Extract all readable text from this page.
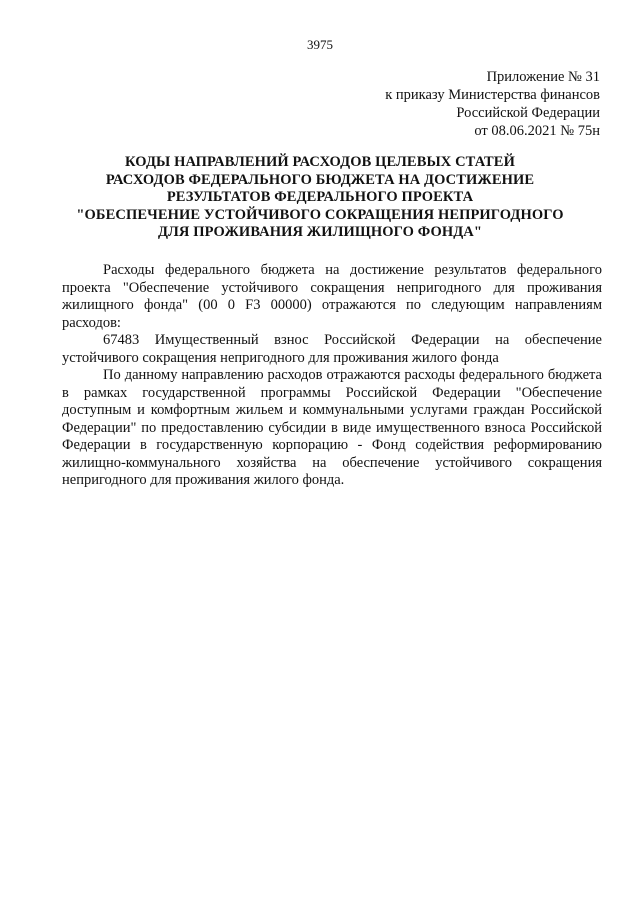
3975
Приложение № 31
к приказу Министерства финансов
Российской Федерации
от 08.06.2021 № 75н
КОДЫ НАПРАВЛЕНИЙ РАСХОДОВ ЦЕЛЕВЫХ СТАТЕЙ
РАСХОДОВ ФЕДЕРАЛЬНОГО БЮДЖЕТА НА ДОСТИЖЕНИЕ
РЕЗУЛЬТАТОВ ФЕДЕРАЛЬНОГО ПРОЕКТА
"ОБЕСПЕЧЕНИЕ УСТОЙЧИВОГО СОКРАЩЕНИЯ НЕПРИГОДНОГО
ДЛЯ ПРОЖИВАНИЯ ЖИЛИЩНОГО ФОНДА"

Расходы федерального бюджета на достижение результатов федерального проекта "Обеспечение устойчивого сокращения непригодного для проживания жилищного фонда" (00 0 F3 00000) отражаются по следующим направлениям расходов:

67483 Имущественный взнос Российской Федерации на обеспечение устойчивого сокращения непригодного для проживания жилого фонда

По данному направлению расходов отражаются расходы федерального бюджета в рамках государственной программы Российской Федерации "Обеспечение доступным и комфортным жильем и коммунальными услугами граждан Российской Федерации" по предоставлению субсидии в виде имущественного взноса Российской Федерации в государственную корпорацию - Фонд содействия реформированию жилищно-коммунального хозяйства на обеспечение устойчивого сокращения непригодного для проживания жилого фонда.
